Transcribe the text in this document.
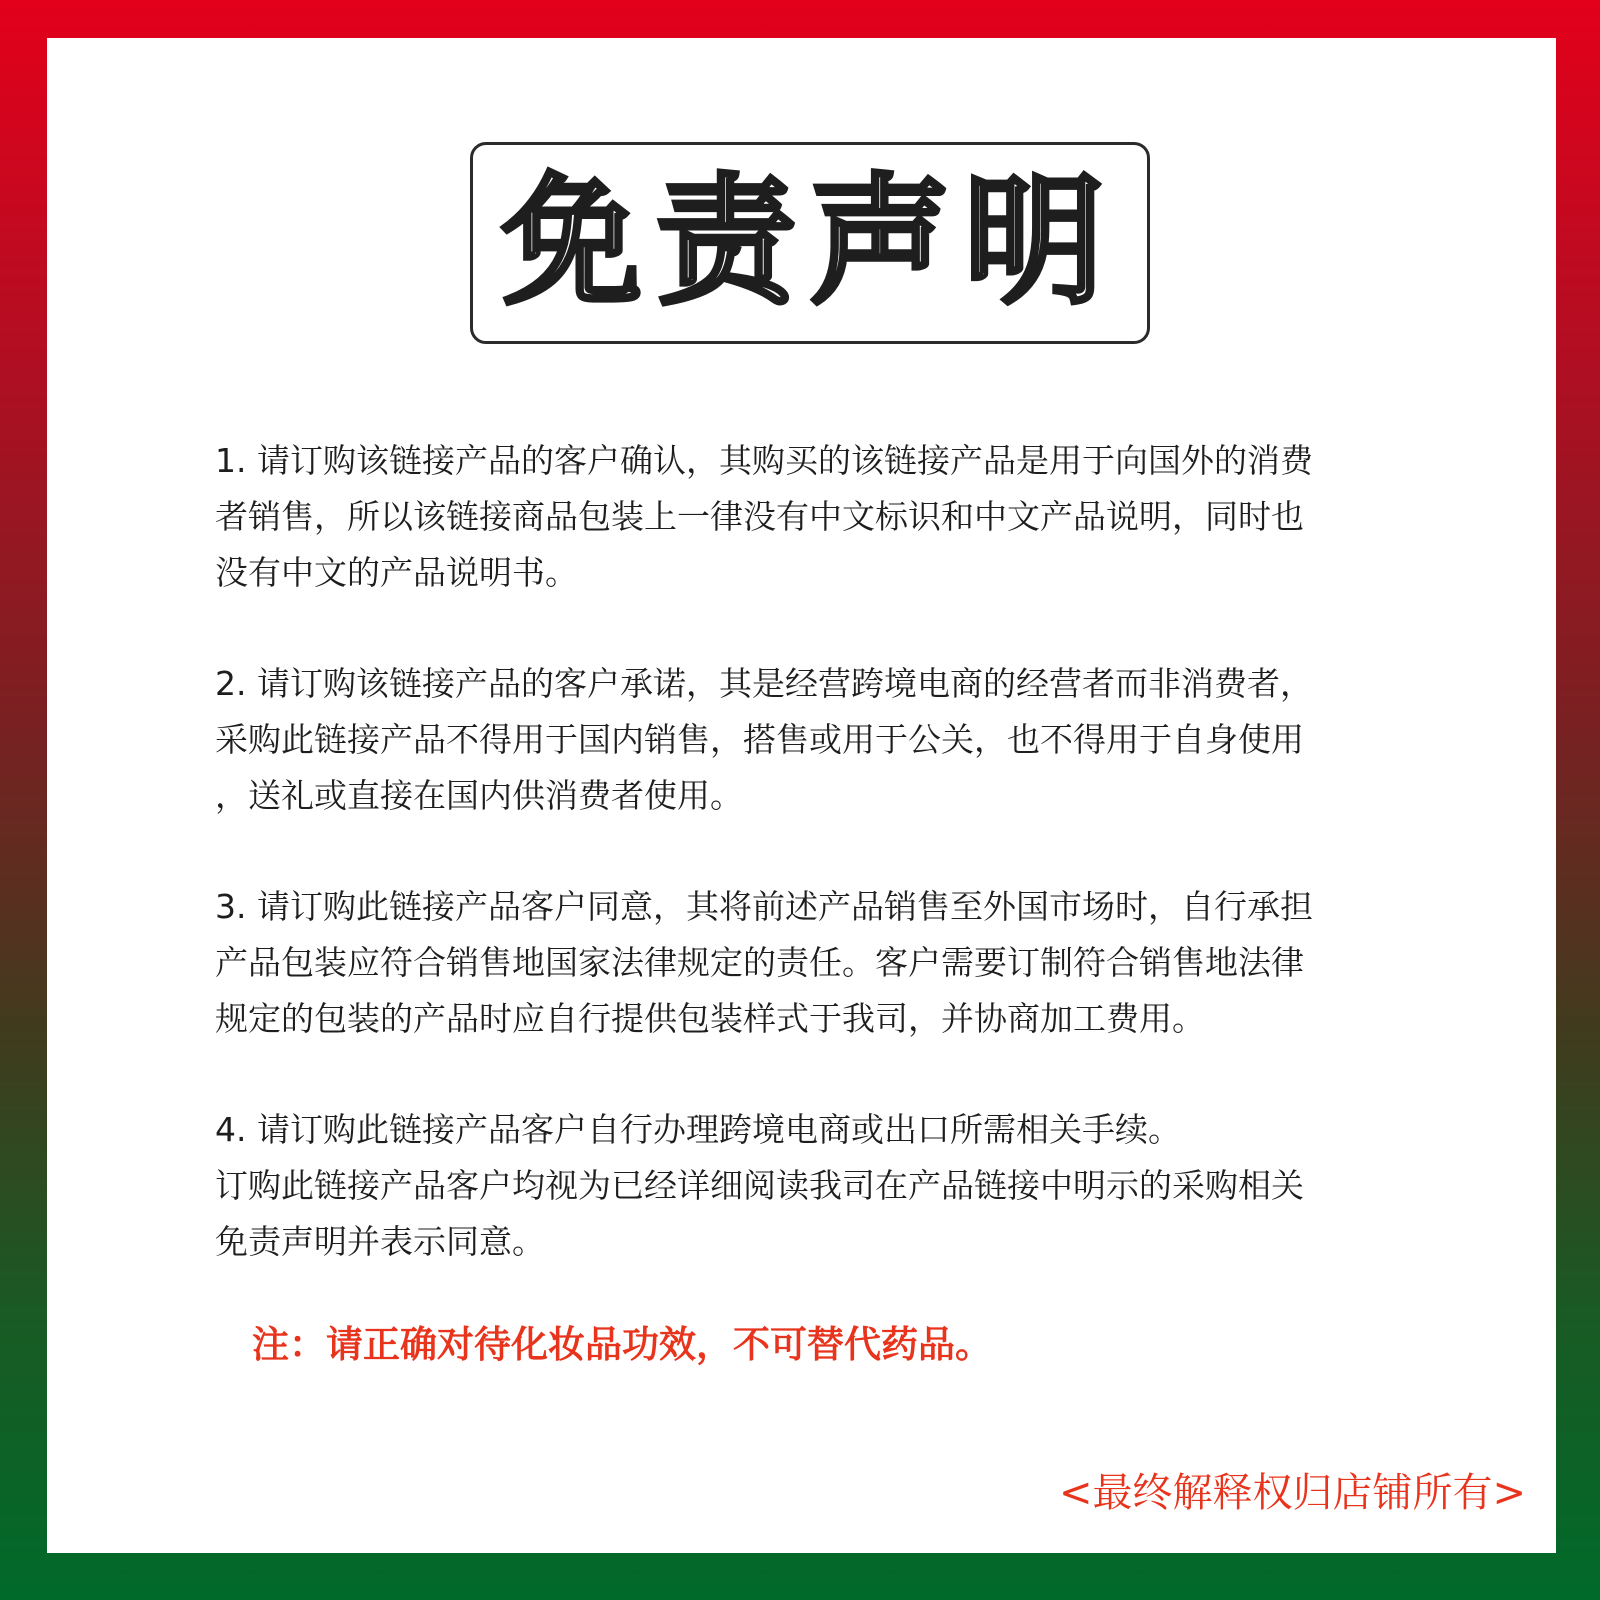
免责声明

1. 请订购该链接产品的客户确认，其购买的该链接产品是用于向国外的消费

者销售，所以该链接商品包装上一律没有中文标识和中文产品说明，同时也

没有中文的产品说明书。

2. 请订购该链接产品的客户承诺，其是经营跨境电商的经营者而非消费者，

采购此链接产品不得用于国内销售，搭售或用于公关，也不得用于自身使用

，送礼或直接在国内供消费者使用。

3. 请订购此链接产品客户同意，其将前述产品销售至外国市场时，自行承担

产品包装应符合销售地国家法律规定的责任。客户需要订制符合销售地法律

规定的包装的产品时应自行提供包装样式于我司，并协商加工费用。

4. 请订购此链接产品客户自行办理跨境电商或出口所需相关手续。

订购此链接产品客户均视为已经详细阅读我司在产品链接中明示的采购相关

免责声明并表示同意。

注：请正确对待化妆品功效，不可替代药品。
<最终解释权归店铺所有>
